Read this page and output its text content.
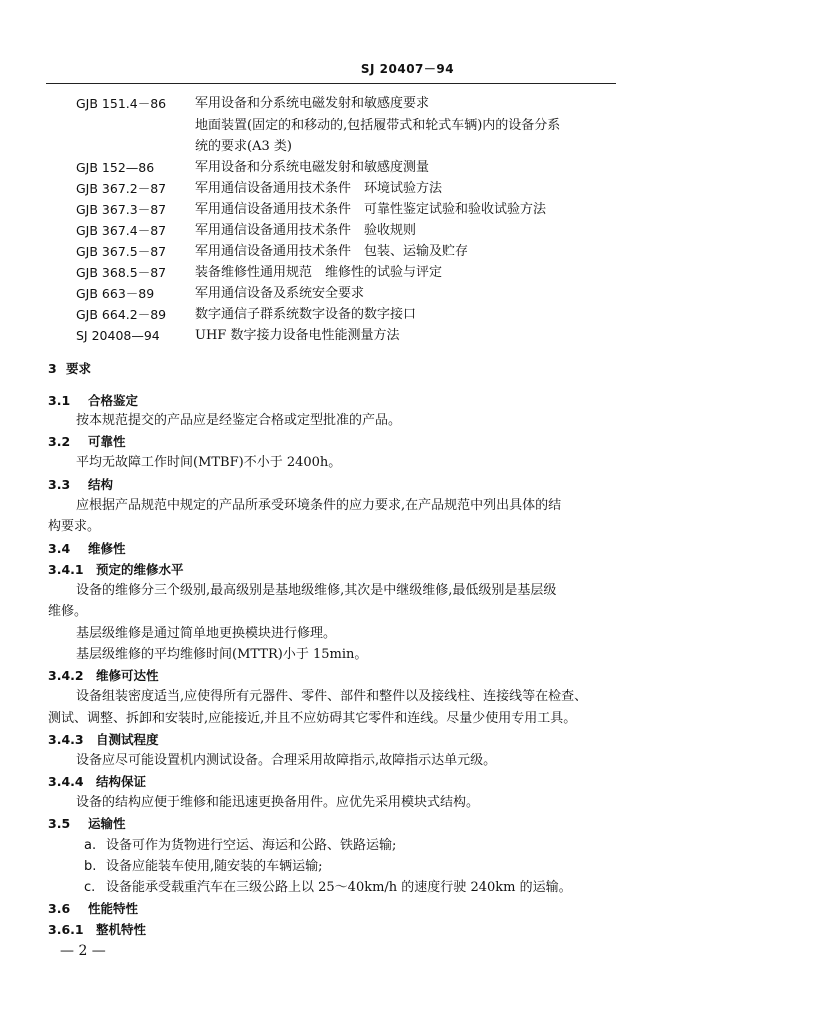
SJ 20407－94
GJB 151.4－86 军用设备和分系统电磁发射和敏感度要求
地面装置(固定的和移动的,包括履带式和轮式车辆)内的设备分系
统的要求(A3 类)
GJB 152—86	军用设备和分系统电磁发射和敏感度测量
GJB 367.2－87 军用通信设备通用技术条件　环境试验方法
GJB 367.3－87 军用通信设备通用技术条件　可靠性鉴定试验和验收试验方法
GJB 367.4－87 军用通信设备通用技术条件　验收规则
GJB 367.5－87 军用通信设备通用技术条件　包装、运输及贮存
GJB 368.5－87 装备维修性通用规范　维修性的试验与评定
GJB 663－89	军用通信设备及系统安全要求
GJB 664.2－89 数字通信子群系统数字设备的数字接口
SJ 20408—94	UHF 数字接力设备电性能测量方法
3 要求
3.1 合格鉴定
按本规范提交的产品应是经鉴定合格或定型批准的产品。
3.2 可靠性
平均无故障工作时间(MTBF)不小于 2400h。
3.3 结构
应根据产品规范中规定的产品所承受环境条件的应力要求,在产品规范中列出具体的结
构要求。
3.4 维修性
3.4.1 预定的维修水平
设备的维修分三个级别,最高级别是基地级维修,其次是中继级维修,最低级别是基层级
维修。
基层级维修是通过简单地更换模块进行修理。
基层级维修的平均维修时间(MTTR)小于 15min。
3.4.2 维修可达性
设备组装密度适当,应使得所有元器件、零件、部件和整件以及接线柱、连接线等在检查、
测试、调整、拆卸和安装时,应能接近,并且不应妨碍其它零件和连线。尽量少使用专用工具。
3.4.3 自测试程度
设备应尽可能设置机内测试设备。合理采用故障指示,故障指示达单元级。
3.4.4 结构保证
设备的结构应便于维修和能迅速更换备用件。应优先采用模块式结构。
3.5 运输性
a. 设备可作为货物进行空运、海运和公路、铁路运输;
b. 设备应能装车使用,随安装的车辆运输;
c. 设备能承受载重汽车在三级公路上以 25～40km/h 的速度行驶 240km 的运输。
3.6 性能特性
3.6.1 整机特性
— 2 —
